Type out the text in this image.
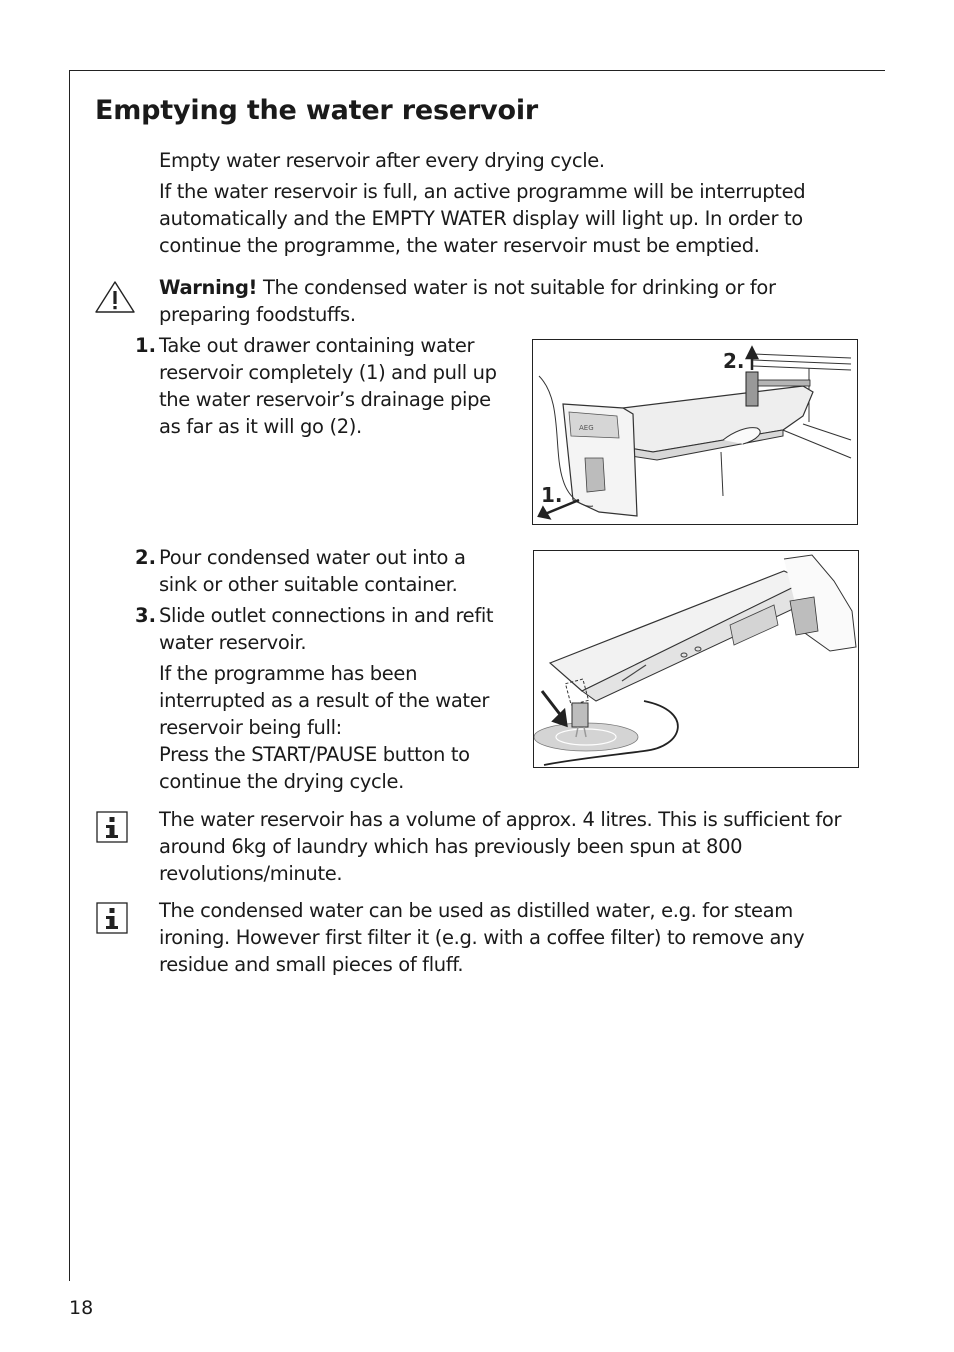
Emptying the water reservoir

Empty water reservoir after every drying cycle.

If the water reservoir is full, an active programme will be interrupted automatically and the EMPTY WATER display will light up. In order to continue the programme, the water reservoir must be emptied.

Warning! The condensed water is not suitable for drinking or for preparing foodstuffs.

1. Take out drawer containing water reservoir completely (1) and pull up the water reservoir’s drainage pipe as far as it will go (2).	AEG
2.
1.
2. Pour condensed water out into a sink or other suitable container.
3. Slide outlet connections in and refit water reservoir.

If the programme has been interrupted as a result of the water reservoir being full:

Press the START/PAUSE button to continue the drying cycle.

The water reservoir has a volume of approx. 4 litres. This is sufficient for around 6kg of laundry which has previously been spun at 800 revolutions/minute.
The condensed water can be used as distilled water, e.g. for steam ironing. However first filter it (e.g. with a coffee filter) to remove any residue and small pieces of fluff.
18
